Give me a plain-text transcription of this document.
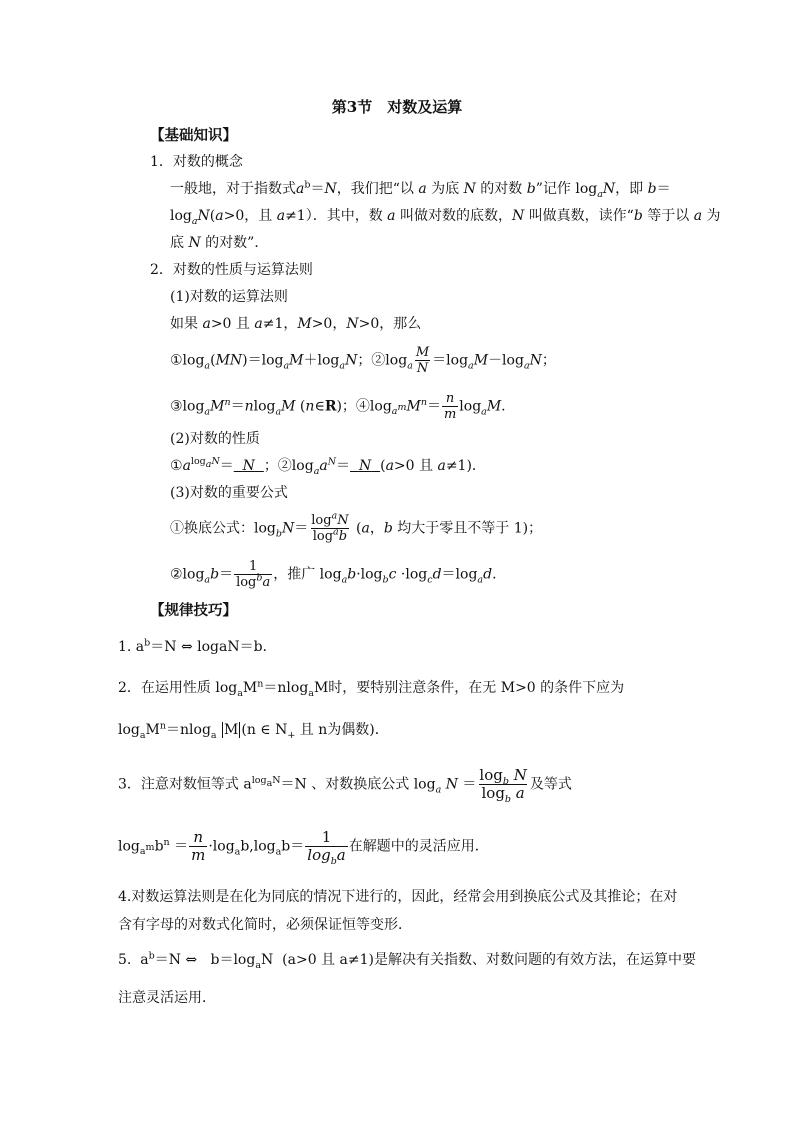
第3节　对数及运算
【基础知识】
1．对数的概念
一般地，对于指数式$a^b=N$，我们把“以 a 为底 N 的对数 b”记作 $\log_aN$，即 b＝
$\log_aN(a>0$，且 a≠1）．其中，数 a 叫做对数的底数，N 叫做真数，读作“b 等于以 a 为
底 N 的对数”．
2．对数的性质与运算法则
(1)对数的运算法则
如果 a>0 且 a≠1，M>0，N>0，那么
$①\log_a(MN)=\log_aM+\log_aN$；$②\log_a \frac{M}{N} =\log_aM-\log_aN$；
$③\log_aM^n=nlog_aM$ (n∈R)；$④\log_{a^m}M^n= \frac{n}{m} \log_aM$.
(2)对数的性质
$①a^{log_aN}= N$ ；$②\log_aa^N= N$ (a>0 且 a≠1)．
(3)对数的重要公式
①换底公式：$\log_bN= \frac{\log^aN}{\log^ab} (a$，b 均大于零且不等于 1)；
$②\log_ab= \frac{1}{\log^ba}$ ，推广 $\log_ab\cdot\log_bc \cdot\log_cd=\log_ad$.
【规律技巧】
1. $a^b=N$ ⇔ logaN＝b．
2．在运用性质 $\log_aM^n=nlog_aM$时，要特别注意条件，在无 M>0 的条件下应为
$\log_aM^n=nlog_a$ M (n ∈ $N_+$ 且 n为偶数)．
3．注意对数恒等式 $a^{log_aN}=N$ 、对数换底公式 $\log_a N = \frac{\log_b N}{\log_b a}$ 及等式
$\log_{a^m}b^n = \frac{n}{m} \cdot\log_ab,\log_ab= \frac{1}{\log_ba}$ 在解题中的灵活应用．
4.对数运算法则是在化为同底的情况下进行的，因此，经常会用到换底公式及其推论；在对
含有字母的对数式化简时，必须保证恒等变形．
5.  $a^b=N$ ⇔   $b=\log_aN$  (a>0 且 a≠1)是解决有关指数、对数问题的有效方法，在运算中要
注意灵活运用．
